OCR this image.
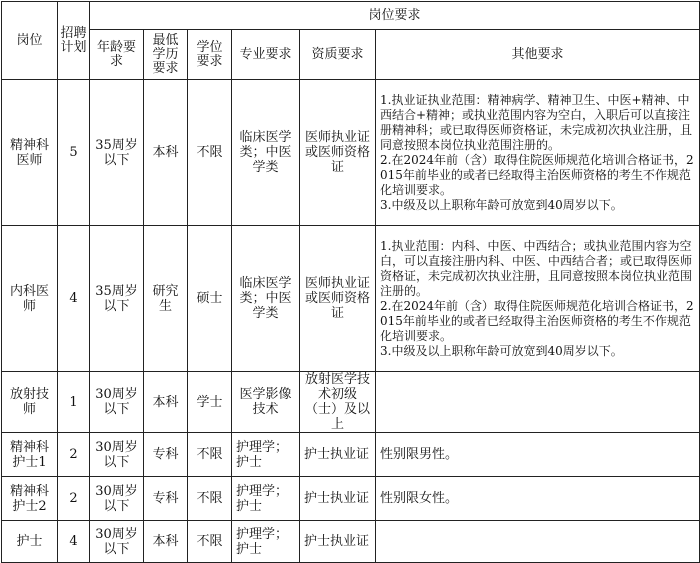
岗位	招聘计划	岗位要求					
		年龄要求	最低学历要求	学位要求	专业要求	资质要求	其他要求
精神科医师	5	35周岁以下	本科	不限	临床医学类；中医学类	医师执业证或医师资格证	1.执业证执业范围：精神病学、精神卫生、中医+精神、中西结合+精神；或执业范围内容为空白，入职后可以直接注册精神科；或已取得医师资格证，未完成初次执业注册，且同意按照本岗位执业范围注册的。
2.在2024年前（含）取得住院医师规范化培训合格证书，2015年前毕业的或者已经取得主治医师资格的考生不作规范化培训要求。
3.中级及以上职称年龄可放宽到40周岁以下。

内科医师	4	35周岁以下	研究生	硕士	临床医学类；中医学类	医师执业证或医师资格证	1.执业范围：内科、中医、中西结合；或执业范围内容为空白，可以直接注册内科、中医、中西结合者；或已取得医师资格证，未完成初次执业注册，且同意按照本岗位执业范围注册的。
2.在2024年前（含）取得住院医师规范化培训合格证书，2015年前毕业的或者已经取得主治医师资格的考生不作规范化培训要求。
3.中级及以上职称年龄可放宽到40周岁以下。

放射技师	1	30周岁以下	本科	学士	医学影像技术	放射医学技术初级（士）及以上	
精神科护士1	2	30周岁以下	专科	不限	护理学；护士	护士执业证	性别限男性。
精神科护士2	2	30周岁以下	专科	不限	护理学；护士	护士执业证	性别限女性。
护士	4	30周岁以下	本科	不限	护理学；护士	护士执业证	
